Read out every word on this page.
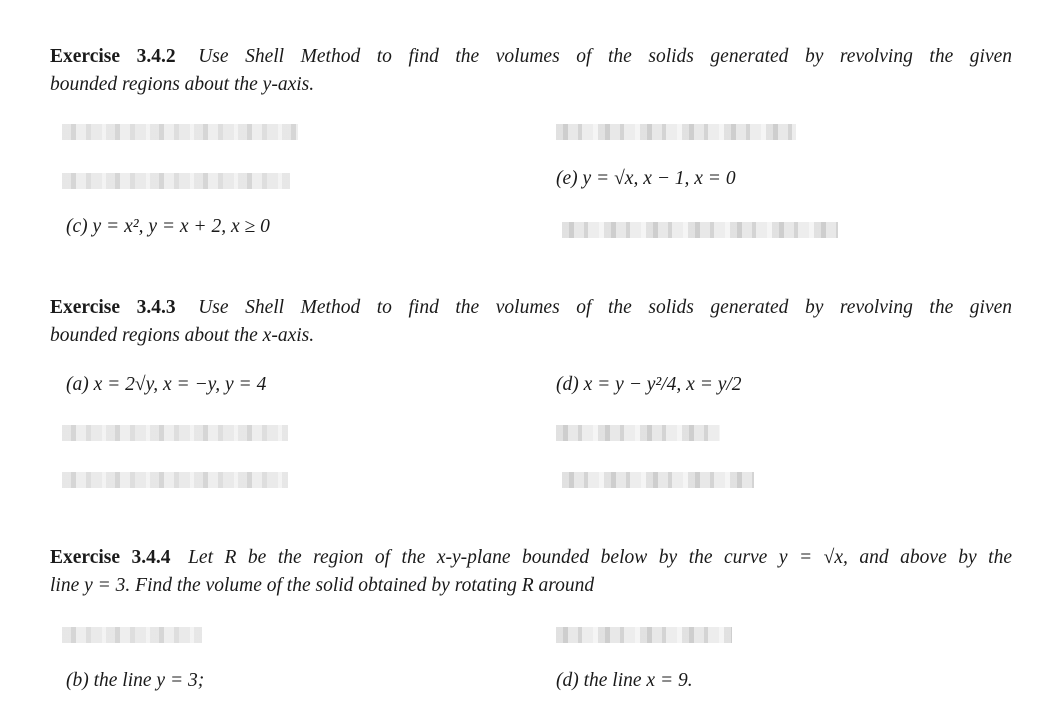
Exercise 3.4.2 Use Shell Method to find the volumes of the solids generated by revolving the given
bounded regions about the y-axis.
(e) y = √x, x − 1, x = 0
(c) y = x², y = x + 2, x ≥ 0
Exercise 3.4.3 Use Shell Method to find the volumes of the solids generated by revolving the given
bounded regions about the x-axis.
(a) x = 2√y, x = −y, y = 4	(d) x = y − y²/4, x = y/2
Exercise 3.4.4 Let R be the region of the x-y-plane bounded below by the curve y = √x, and above by the
line y = 3. Find the volume of the solid obtained by rotating R around
(b) the line y = 3;	(d) the line x = 9.
